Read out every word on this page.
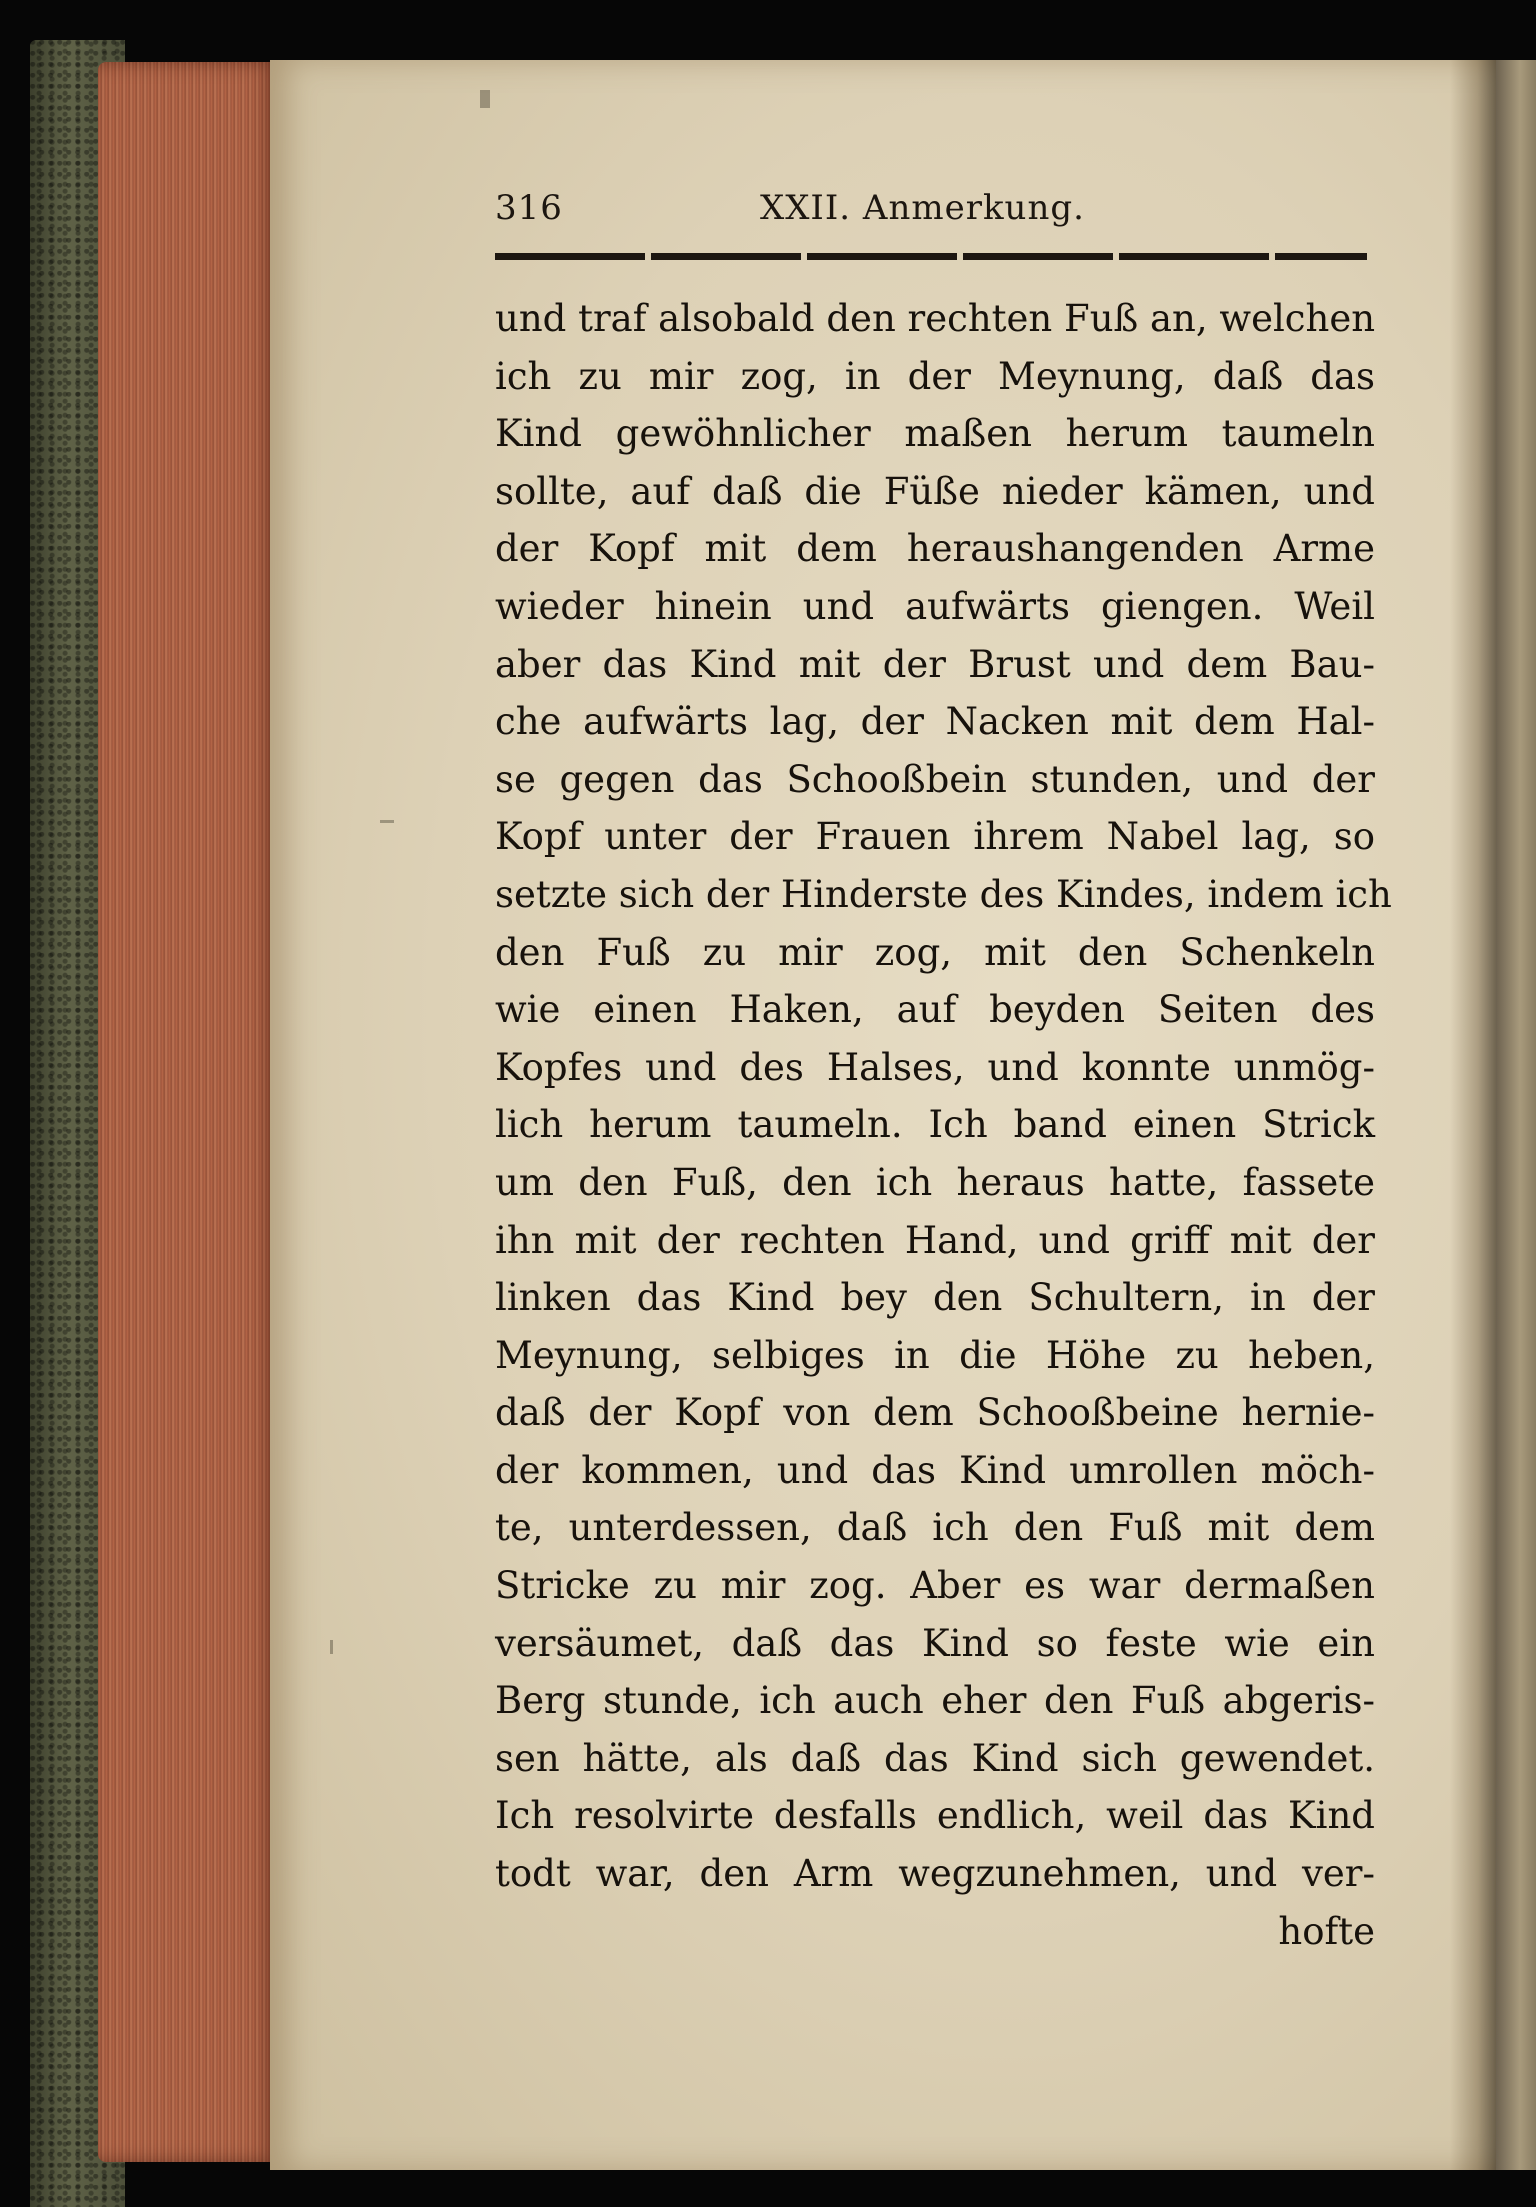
316	XXII. Anmerkung.
und traf alsobald den rechten Fuß an, welchen
ich zu mir zog, in der Meynung, daß das
Kind gewöhnlicher maßen herum taumeln
sollte, auf daß die Füße nieder kämen, und
der Kopf mit dem heraushangenden Arme
wieder hinein und aufwärts giengen. Weil
aber das Kind mit der Brust und dem Bau-
che aufwärts lag, der Nacken mit dem Hal-
se gegen das Schooßbein stunden, und der
Kopf unter der Frauen ihrem Nabel lag, so
setzte sich der Hinderste des Kindes, indem ich
den Fuß zu mir zog, mit den Schenkeln
wie einen Haken, auf beyden Seiten des
Kopfes und des Halses, und konnte unmög-
lich herum taumeln. Ich band einen Strick
um den Fuß, den ich heraus hatte, fassete
ihn mit der rechten Hand, und griff mit der
linken das Kind bey den Schultern, in der
Meynung, selbiges in die Höhe zu heben,
daß der Kopf von dem Schooßbeine hernie-
der kommen, und das Kind umrollen möch-
te, unterdessen, daß ich den Fuß mit dem
Stricke zu mir zog. Aber es war dermaßen
versäumet, daß das Kind so feste wie ein
Berg stunde, ich auch eher den Fuß abgeris-
sen hätte, als daß das Kind sich gewendet.
Ich resolvirte desfalls endlich, weil das Kind
todt war, den Arm wegzunehmen, und ver-
hofte
